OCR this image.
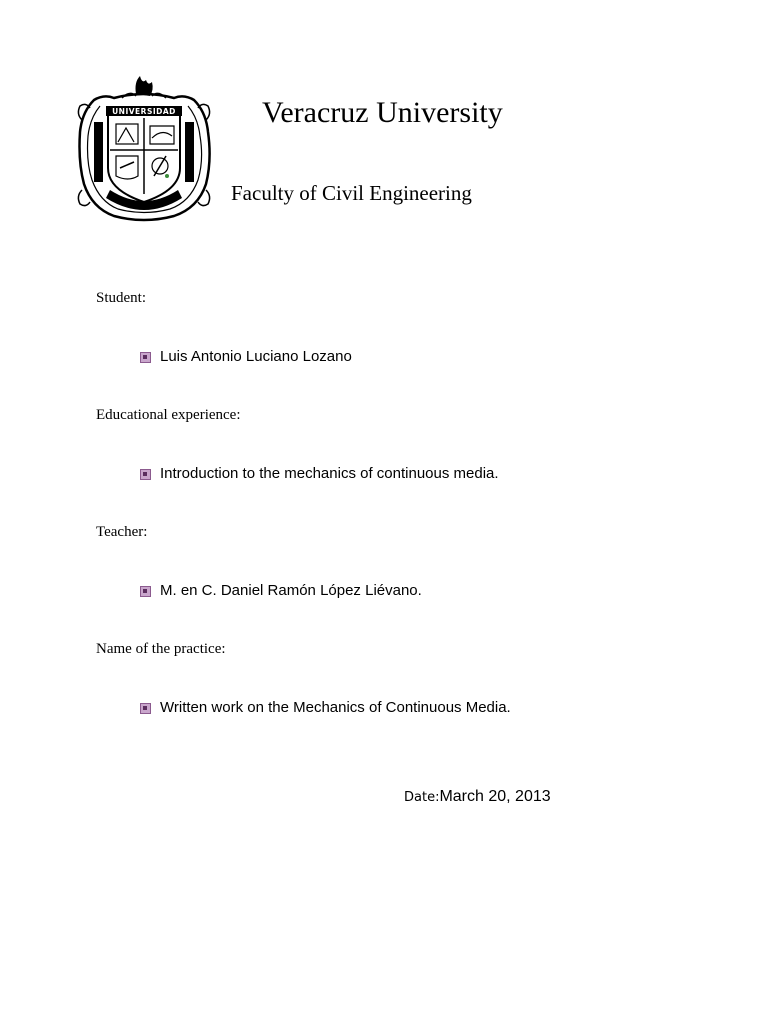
UNIVERSIDAD	Veracruz University
Faculty of Civil Engineering
Student:
Luis Antonio Luciano Lozano
Educational experience:
Introduction to the mechanics of continuous media.
Teacher:
M. en C. Daniel Ramón López Liévano.
Name of the practice:
Written work on the Mechanics of Continuous Media.
Date: March 20, 2013
